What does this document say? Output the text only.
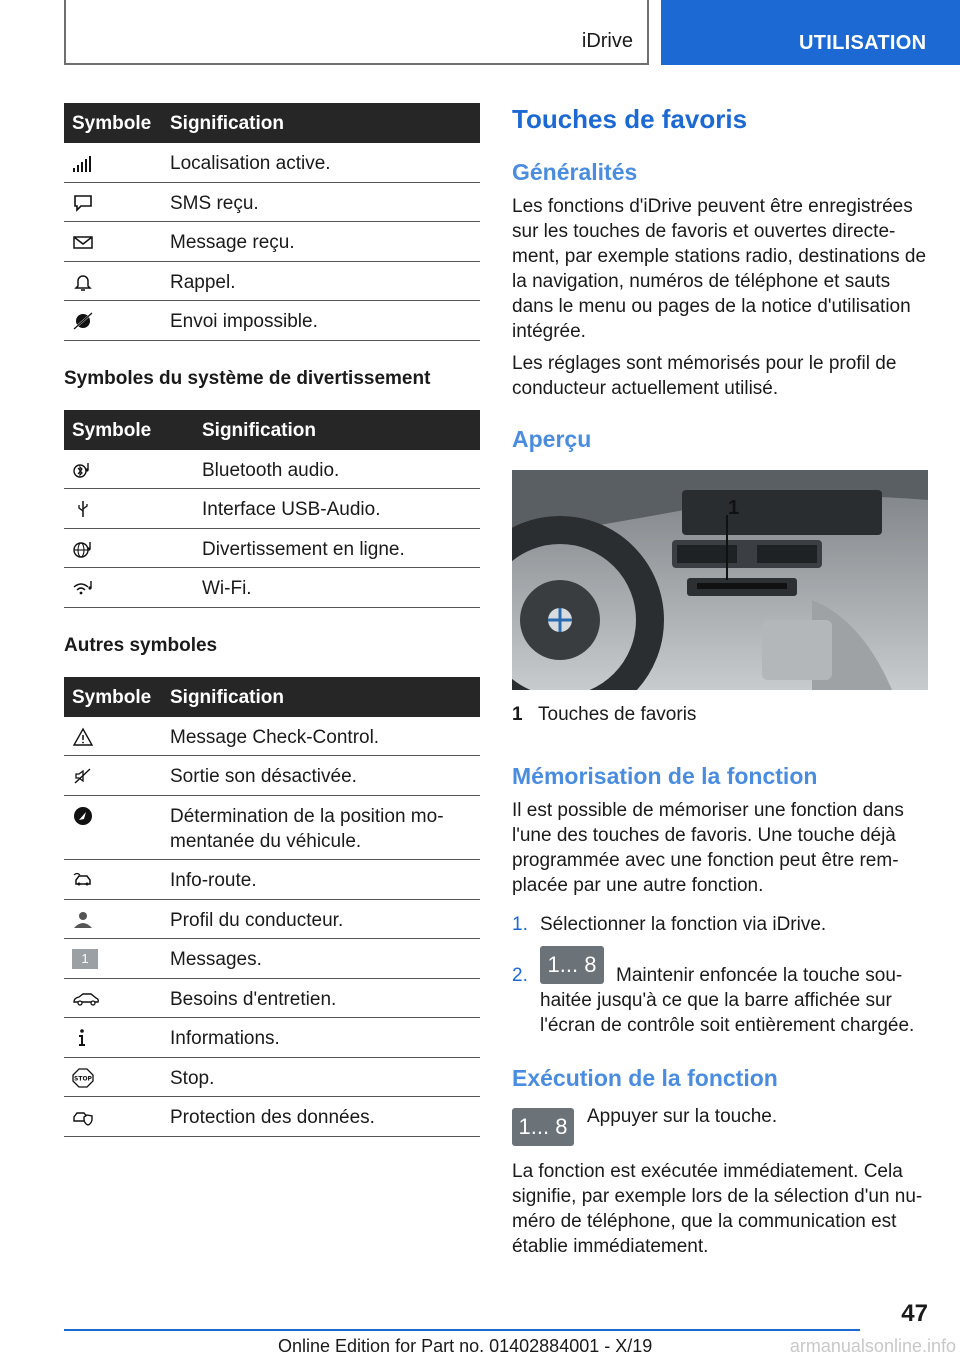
iDrive	UTILISATION
Symbole Signification
Localisation active.
SMS reçu.
Message reçu.
Rappel.
Envoi impossible.
Symboles du système de divertissement
Symbole	Signification
Bluetooth audio.
Interface USB-Audio.
Divertissement en ligne.
Wi-Fi.
Autres symboles
Symbole Signification
Message Check-Control.
Sortie son désactivée.
Détermination de la position mo-
mentanée du véhicule.
Info-route.
Profil du conducteur.
1	Messages.
Besoins d'entretien.
Informations.
STOP	Stop.
Protection des données.
Touches de favoris
Généralités
Les fonctions d'iDrive peuvent être enregistrées sur les touches de favoris et ouvertes directe-ment, par exemple stations radio, destinations de la navigation, numéros de téléphone et sauts dans le menu ou pages de la notice d'utilisation intégrée.
Les réglages sont mémorisés pour le profil de conducteur actuellement utilisé.
Aperçu
1
1 Touches de favoris
Mémorisation de la fonction
Il est possible de mémoriser une fonction dans l'une des touches de favoris. Une touche déjà programmée avec une fonction peut être rem-placée par une autre fonction.
1. Sélectionner la fonction via iDrive.
2. 1... 8	Maintenir enfoncée la touche sou-haitée jusqu'à ce que la barre affichée sur l'écran de contrôle soit entièrement chargée.
Exécution de la fonction
1... 8	Appuyer sur la touche.
La fonction est exécutée immédiatement. Cela signifie, par exemple lors de la sélection d'un nu-méro de téléphone, que la communication est établie immédiatement.
47
Online Edition for Part no. 01402884001 - X/19	armanualsonline.info
